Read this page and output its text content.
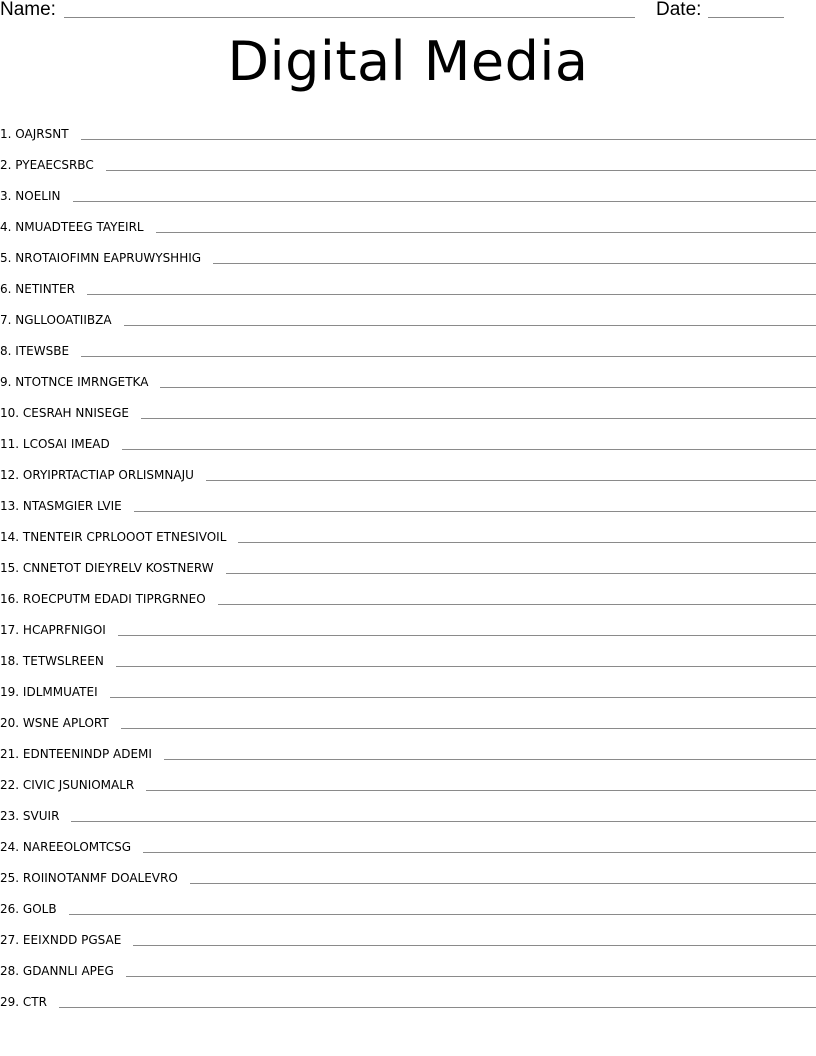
Name:	Date:
Digital Media
1. OAJRSNT
2. PYEAECSRBC
3. NOELIN
4. NMUADTEEG TAYEIRL
5. NROTAIOFIMN EAPRUWYSHHIG
6. NETINTER
7. NGLLOOATIIBZA
8. ITEWSBE
9. NTOTNCE IMRNGETKA
10. CESRAH NNISEGE
11. LCOSAI IMEAD
12. ORYIPRTACTIAP ORLISMNAJU
13. NTASMGIER LVIE
14. TNENTEIR CPRLOOOT ETNESIVOIL
15. CNNETOT DIEYRELV KOSTNERW
16. ROECPUTM EDADI TIPRGRNEO
17. HCAPRFNIGOI
18. TETWSLREEN
19. IDLMMUATEI
20. WSNE APLORT
21. EDNTEENINDP ADEMI
22. CIVIC JSUNIOMALR
23. SVUIR
24. NAREEOLOMTCSG
25. ROIINOTANMF DOALEVRO
26. GOLB
27. EEIXNDD PGSAE
28. GDANNLI APEG
29. CTR
